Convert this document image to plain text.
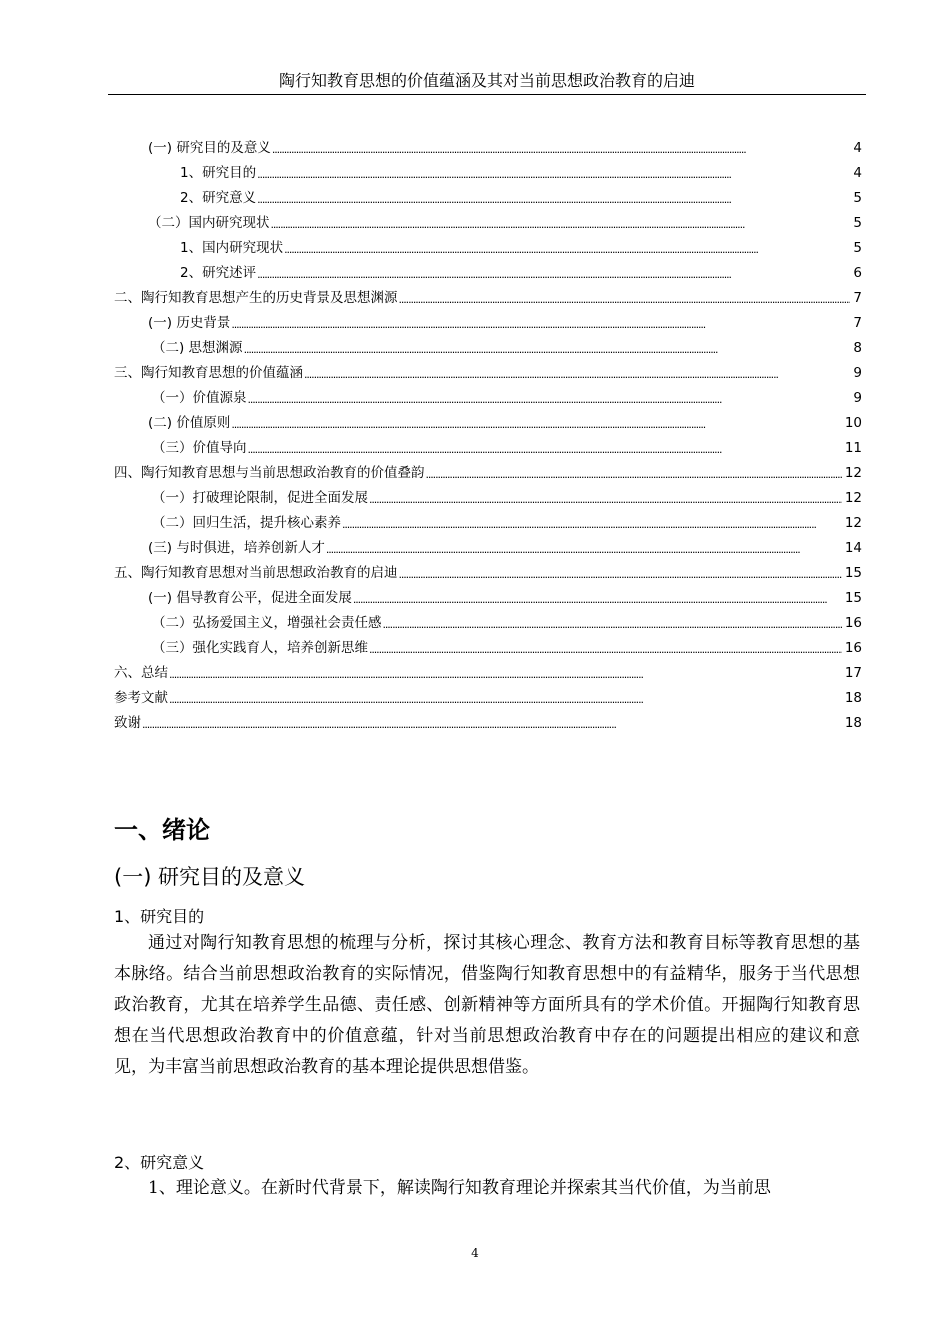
陶行知教育思想的价值蕴涵及其对当前思想政治教育的启迪
(一) 研究目的及意义 . . .	4
1、研究目的 . . .	4
2、研究意义 . . .	5
（二）国内研究现状 . . .	5
1、国内研究现状 . . .	5
2、研究述评 . . .	6
二、陶行知教育思想产生的历史背景及思想渊源 . . .	7
(一) 历史背景 . . .	7
（二) 思想渊源 . . .	8
三、陶行知教育思想的价值蕴涵 . . .	9
（一）价值源泉 . . .	9
(二) 价值原则 . . .	10
（三）价值导向 . . .	11
四、陶行知教育思想与当前思想政治教育的价值叠韵 . . .	12
（一）打破理论限制，促进全面发展 . . .	12
（二）回归生活，提升核心素养 . . .	12
(三) 与时俱进，培养创新人才 . . .	14
五、陶行知教育思想对当前思想政治教育的启迪 . . .	15
(一) 倡导教育公平，促进全面发展 . . .	15
（二）弘扬爱国主义，增强社会责任感 . . .	16
（三）强化实践育人，培养创新思维 . . .	16
六、总结 . . .	17
参考文献 . . .	18
致谢 . . .	18
一、绪论
(一) 研究目的及意义
1、研究目的
通过对陶行知教育思想的梳理与分析，探讨其核心理念、教育方法和教育目标等教育思想的基本脉络。结合当前思想政治教育的实际情况，借鉴陶行知教育思想中的有益精华，服务于当代思想政治教育，尤其在培养学生品德、责任感、创新精神等方面所具有的学术价值。开掘陶行知教育思想在当代思想政治教育中的价值意蕴，针对当前思想政治教育中存在的问题提出相应的建议和意见，为丰富当前思想政治教育的基本理论提供思想借鉴。
2、研究意义
1、理论意义。在新时代背景下，解读陶行知教育理论并探索其当代价值，为当前思
4
